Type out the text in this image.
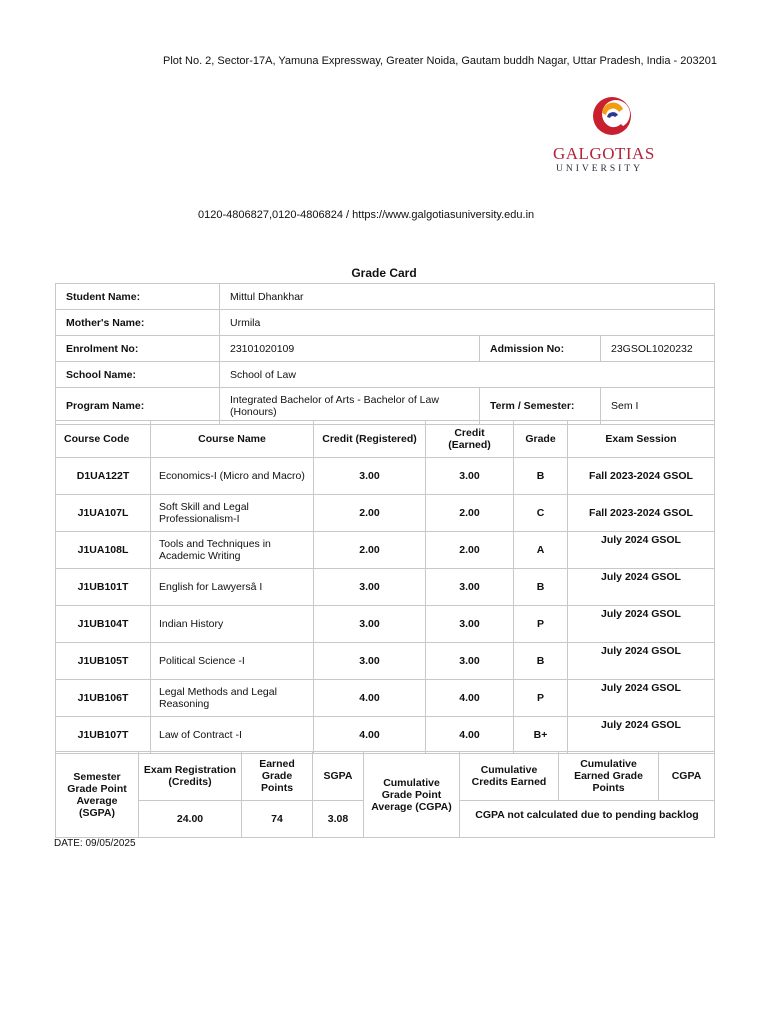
Plot No. 2, Sector-17A, Yamuna Expressway, Greater Noida, Gautam buddh Nagar, Uttar Pradesh, India - 203201
GALGOTIAS
UNIVERSITY
0120-4806827,0120-4806824 / https://www.galgotiasuniversity.edu.in
Grade Card
Student Name:	Mittul Dhankhar		
Mother's Name:	Urmila		
Enrolment No:	23101020109	Admission No:	23GSOL1020232
School Name:	School of Law		
Program Name:	Integrated Bachelor of Arts - Bachelor of Law (Honours)	Term / Semester:	Sem I
Course Code	Course Name	Credit (Registered)	Credit (Earned)	Grade	Exam Session
D1UA122T	Economics-I (Micro and Macro)	3.00	3.00	B	Fall 2023-2024 GSOL
J1UA107L	Soft Skill and Legal Professionalism-I	2.00	2.00	C	Fall 2023-2024 GSOL
J1UA108L	Tools and Techniques in Academic Writing	2.00	2.00	A	July 2024 GSOL
J1UB101T	English for Lawyersâ I	3.00	3.00	B	July 2024 GSOL
J1UB104T	Indian History	3.00	3.00	P	July 2024 GSOL
J1UB105T	Political Science -I	3.00	3.00	B	July 2024 GSOL
J1UB106T	Legal Methods and Legal Reasoning	4.00	4.00	P	July 2024 GSOL
J1UB107T	Law of Contract -I	4.00	4.00	B+	July 2024 GSOL
Semester Grade Point Average (SGPA)	Exam Registration (Credits)	Earned Grade Points	SGPA	Cumulative Grade Point Average (CGPA)	Cumulative Credits Earned	Cumulative Earned Grade Points	CGPA
	24.00	74	3.08		CGPA not calculated due to pending backlog		
DATE: 09/05/2025
